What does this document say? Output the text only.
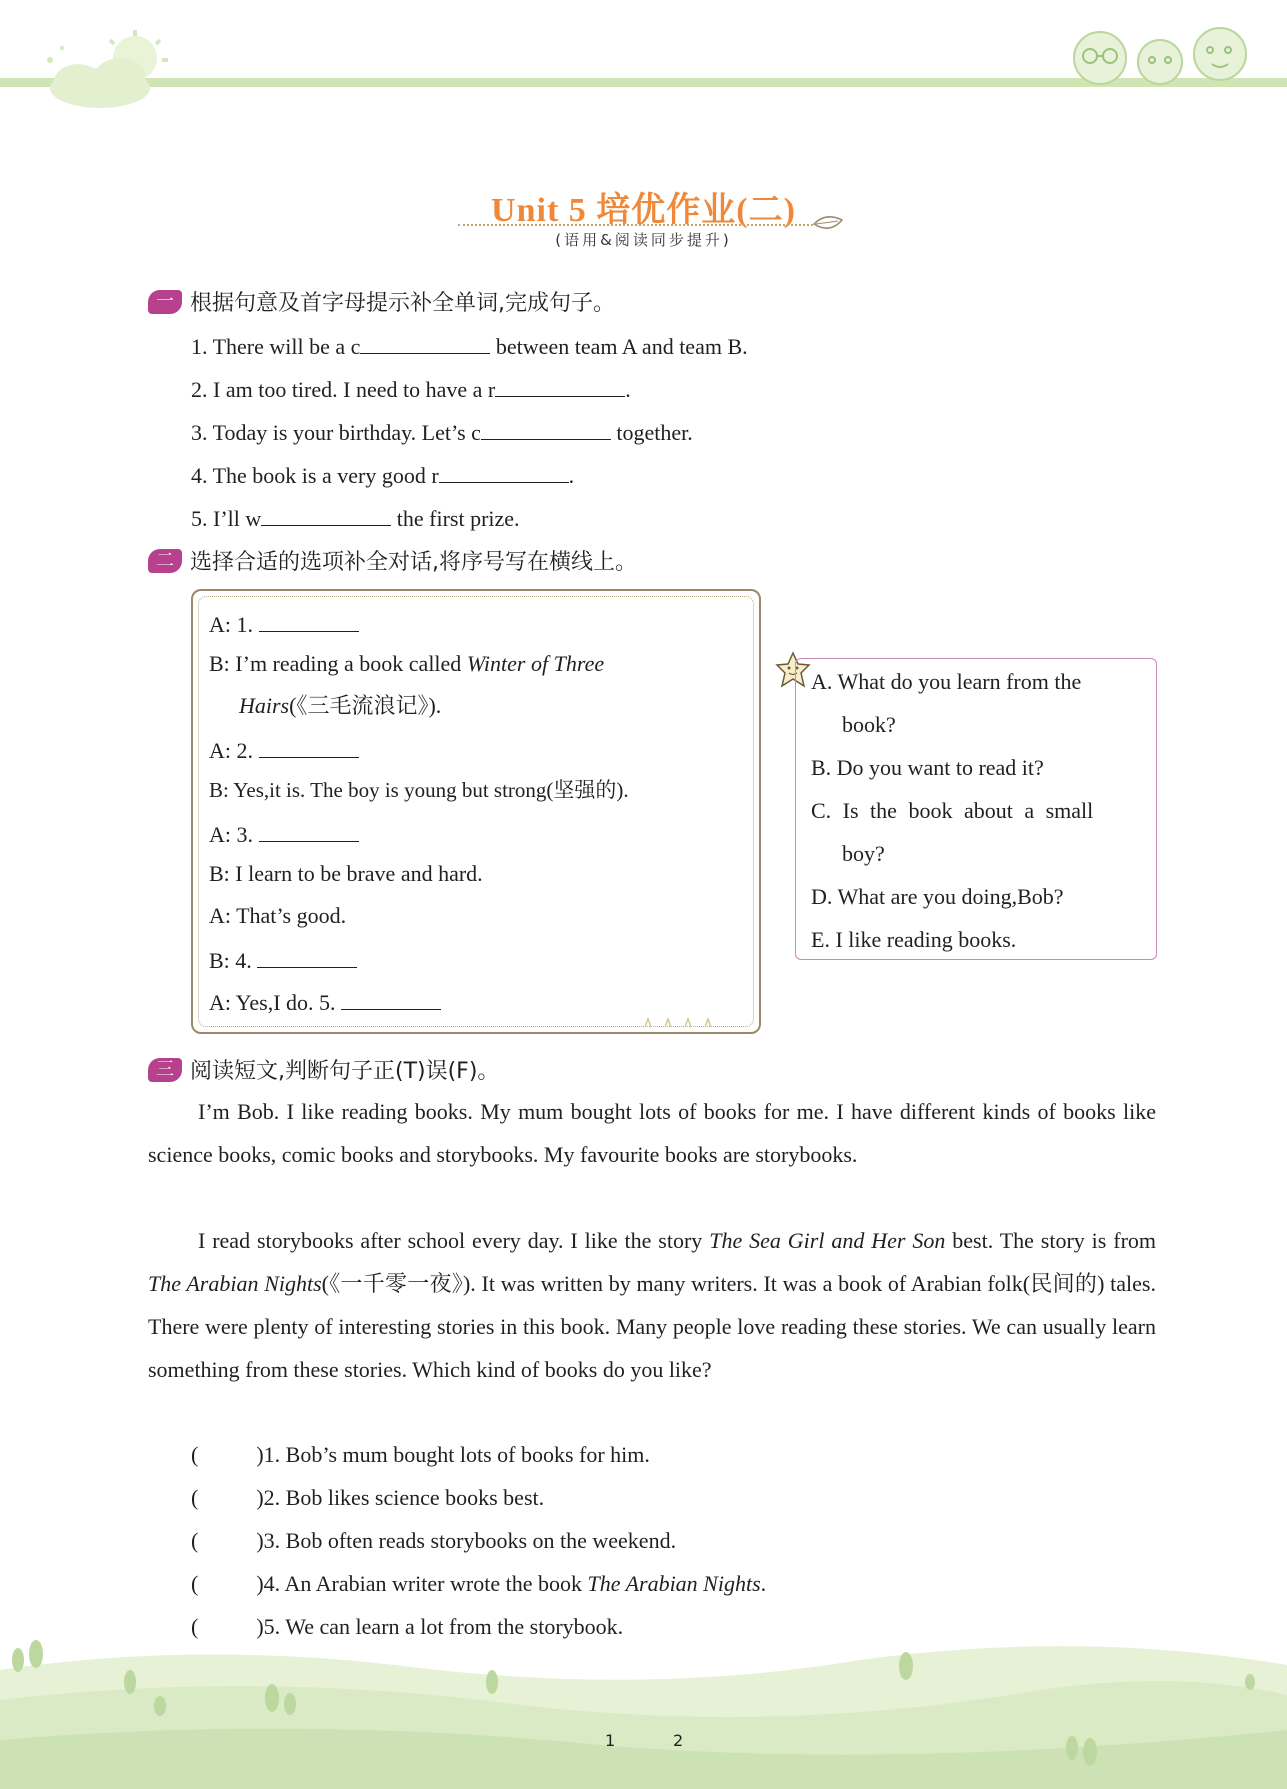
Unit 5 培优作业(二)
(语用&阅读同步提升)
一 根据句意及首字母提示补全单词,完成句子。
1. There will be a c	between team A and team B.
2. I am too tired. I need to have a r	.
3. Today is your birthday. Let’s c	together.
4. The book is a very good r	.
5. I’ll w	the first prize.
二 选择合适的选项补全对话,将序号写在横线上。
A: 1.
B: I’m reading a book called Winter of Three
Hairs(《三毛流浪记》).
A: 2.
B: Yes,it is. The boy is young but strong(坚强的).
A: 3.
B: I learn to be brave and hard.
A: That’s good.
B: 4.
A: Yes,I do. 5.
A. What do you learn from the
book?
B. Do you want to read it?
C. Is the book about a small
boy?
D. What are you doing,Bob?
E. I like reading books.
三 阅读短文,判断句子正(T)误(F)。
I’m Bob. I like reading books. My mum bought lots of books for me. I have different kinds of books like science books, comic books and storybooks. My favourite books are storybooks.
I read storybooks after school every day. I like the story The Sea Girl and Her Son best. The story is from The Arabian Nights(《一千零一夜》). It was written by many writers. It was a book of Arabian folk(民间的) tales. There were plenty of interesting stories in this book. Many people love reading these stories. We can usually learn something from these stories. Which kind of books do you like?
(	)1. Bob’s mum bought lots of books for him.
(	)2. Bob likes science books best.
(	)3. Bob often reads storybooks on the weekend.
(	)4. An Arabian writer wrote the book The Arabian Nights.
(	)5. We can learn a lot from the storybook.
1	2
